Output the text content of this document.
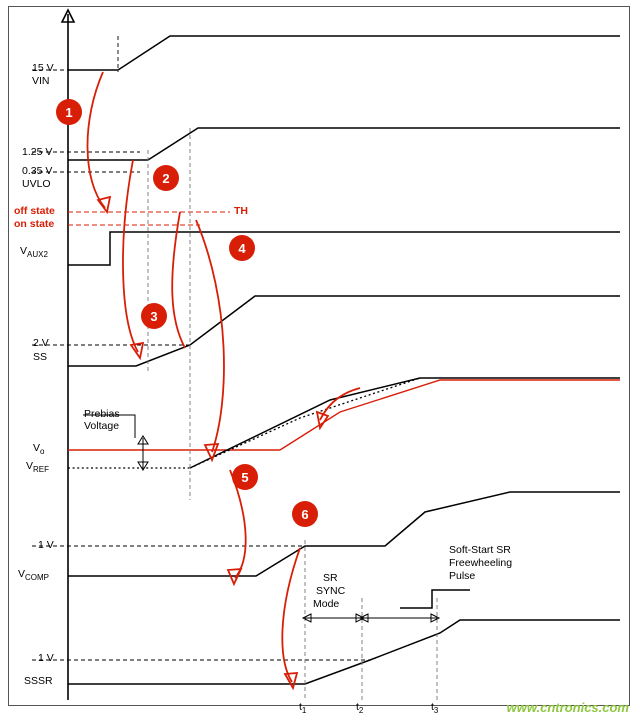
15 V
VIN
1.25 V
0.35 V
UVLO
off state
on state
TH
$V_{AUX2}$
2 V
SS
Prebias
Voltage
$V_o$
$V_{REF}$
1 V
$V_{COMP}$
1 V
SSSR
SR
SYNC
Mode
Soft-Start SR
Freewheeling
Pulse
$t_1$	$t_2$	$t_3$
1
2
3
4
5
6
www.cntronics.com
